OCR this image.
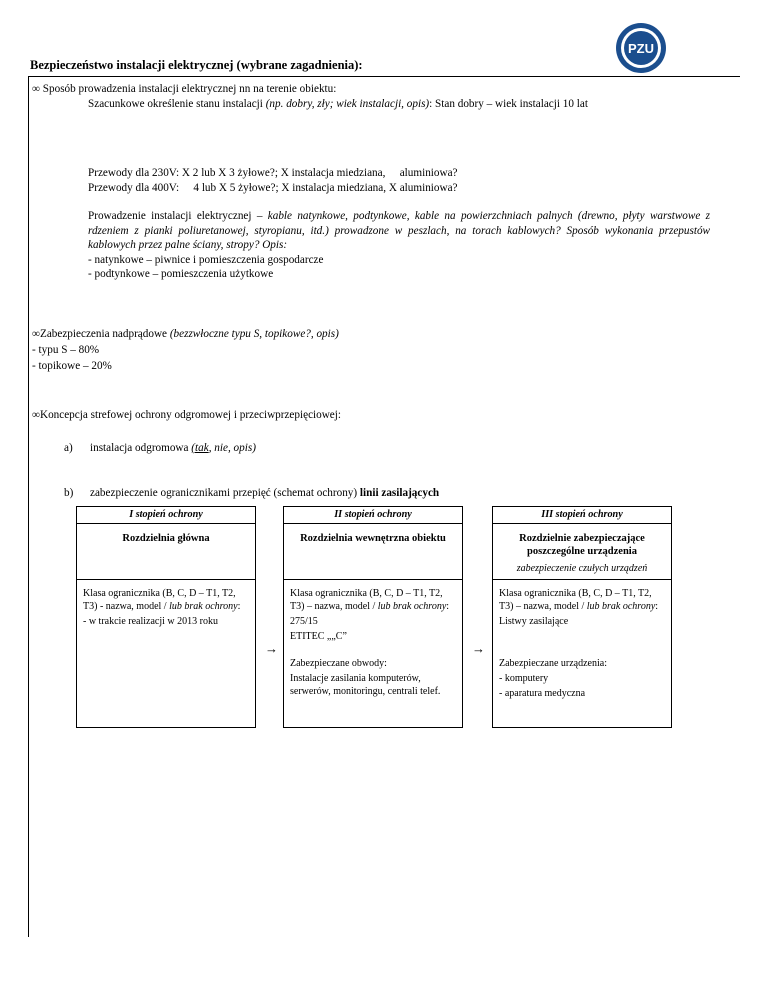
PZU
Bezpieczeństwo instalacji elektrycznej (wybrane zagadnienia):
∞ Sposób prowadzenia instalacji elektrycznej nn na terenie obiektu:
Szacunkowe określenie stanu instalacji (np. dobry, zły; wiek instalacji, opis): Stan dobry – wiek instalacji 10 lat
Przewody dla 230V: X 2 lub X 3 żyłowe?; X instalacja miedziana,   aluminiowa?
Przewody dla 400V:   4 lub X 5 żyłowe?; X instalacja miedziana, X aluminiowa?
Prowadzenie instalacji elektrycznej – kable natynkowe, podtynkowe, kable na powierzchniach palnych (drewno, płyty warstwowe z rdzeniem z pianki poliuretanowej, styropianu, itd.) prowadzone w peszlach, na torach kablowych? Sposób wykonania przepustów kablowych przez palne ściany, stropy? Opis:
- natynkowe – piwnice i pomieszczenia gospodarcze
- podtynkowe – pomieszczenia użytkowe
∞Zabezpieczenia nadprądowe (bezzwłoczne typu S, topikowe?, opis)
- typu S – 80%
- topikowe – 20%
∞Koncepcja strefowej ochrony odgromowej i przeciwprzepięciowej:
a) instalacja odgromowa (tak, nie, opis)
b) zabezpieczenie ogranicznikami przepięć (schemat ochrony) linii zasilających
I stopień ochrony	II stopień ochrony	III stopień ochrony
Rozdzielnia główna
Klasa ogranicznika (B, C, D – T1, T2, T3) - nazwa, model / lub brak ochrony:
- w trakcie realizacji w 2013 roku
Rozdzielnia wewnętrzna obiektu
Klasa ogranicznika (B, C, D – T1, T2, T3) – nazwa, model / lub brak ochrony:
275/15
ETITEC „„C”
Zabezpieczane obwody:
Instalacje zasilania komputerów, serwerów, monitoringu, centrali telef.
Rozdzielnie zabezpieczające poszczególne urządzenia
zabezpieczenie czułych urządzeń
Klasa ogranicznika (B, C, D – T1, T2, T3) – nazwa, model / lub brak ochrony:
Listwy zasilające
Zabezpieczane urządzenia:
- komputery
- aparatura medyczna
→	→
